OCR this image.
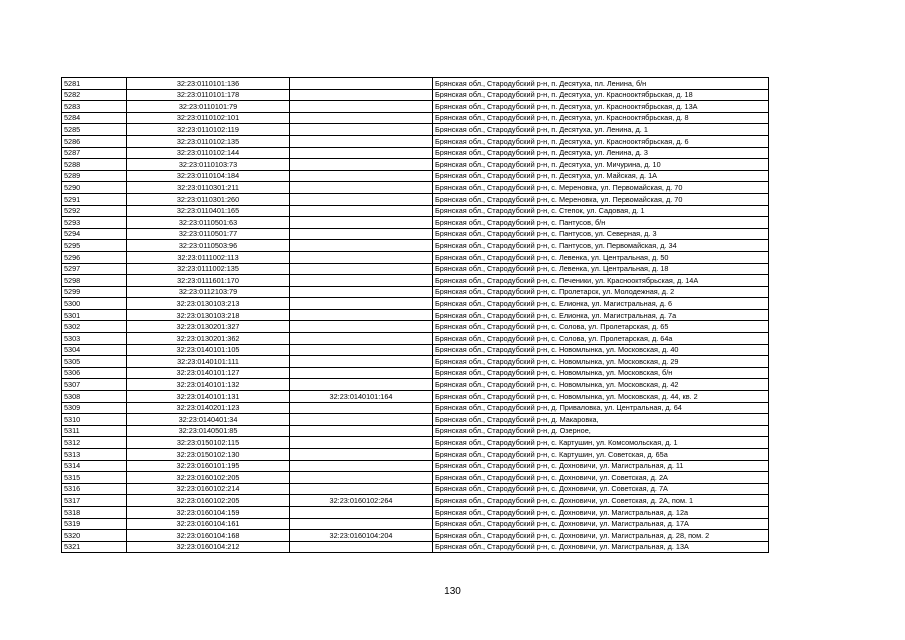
5281	32:23:0110101:136		Брянская обл., Стародубский р-н, п. Десятуха, пл. Ленина, б/н
5282	32:23:0110101:178		Брянская обл., Стародубский р-н, п. Десятуха, ул. Краснооктябрьская, д. 18
5283	32:23:0110101:79		Брянская обл., Стародубский р-н, п. Десятуха, ул. Краснооктябрьская, д. 13А
5284	32:23:0110102:101		Брянская обл., Стародубский р-н, п. Десятуха, ул. Краснооктябрьская, д. 8
5285	32:23:0110102:119		Брянская обл., Стародубский р-н, п. Десятуха, ул. Ленина, д. 1
5286	32:23:0110102:135		Брянская обл., Стародубский р-н, п. Десятуха, ул. Краснооктябрьская, д. 6
5287	32:23:0110102:144		Брянская обл., Стародубский р-н, п. Десятуха, ул. Ленина, д. 3
5288	32:23:0110103:73		Брянская обл., Стародубский р-н, п. Десятуха, ул. Мичурина, д. 10
5289	32:23:0110104:184		Брянская обл., Стародубский р-н, п. Десятуха, ул. Майская, д. 1А
5290	32:23:0110301:211		Брянская обл., Стародубский р-н, с. Мереновка, ул. Первомайская, д. 70
5291	32:23:0110301:260		Брянская обл., Стародубский р-н, с. Мереновка, ул. Первомайская, д. 70
5292	32:23:0110401:165		Брянская обл., Стародубский р-н, с. Степок, ул. Садовая, д. 1
5293	32:23:0110501:63		Брянская обл., Стародубский р-н, с. Пантусов, б/н
5294	32:23:0110501:77		Брянская обл., Стародубский р-н, с. Пантусов, ул. Северная, д. 3
5295	32:23:0110503:96		Брянская обл., Стародубский р-н, с. Пантусов, ул. Первомайская, д. 34
5296	32:23:0111002:113		Брянская обл., Стародубский р-н, с. Левенка, ул. Центральная, д. 50
5297	32:23:0111002:135		Брянская обл., Стародубский р-н, с. Левенка, ул. Центральная, д. 18
5298	32:23:0111601:170		Брянская обл., Стародубский р-н, с. Печеники, ул. Краснооктябрьская, д. 14А
5299	32:23:0112103:79		Брянская обл., Стародубский р-н, с. Пролетарск, ул. Молодежная, д. 2
5300	32:23:0130103:213		Брянская обл., Стародубский р-н, с. Елионка, ул. Магистральная, д. 6
5301	32:23:0130103:218		Брянская обл., Стародубский р-н, с. Елионка, ул. Магистральная, д. 7а
5302	32:23:0130201:327		Брянская обл., Стародубский р-н, с. Солова, ул. Пролетарская, д. 65
5303	32:23:0130201:362		Брянская обл., Стародубский р-н, с. Солова, ул. Пролетарская, д. 64а
5304	32:23:0140101:105		Брянская обл., Стародубский р-н, с. Новомлынка, ул. Московская, д. 40
5305	32:23:0140101:111		Брянская обл., Стародубский р-н, с. Новомлынка, ул. Московская, д. 29
5306	32:23:0140101:127		Брянская обл., Стародубский р-н, с. Новомлынка, ул. Московская, б/н
5307	32:23:0140101:132		Брянская обл., Стародубский р-н, с. Новомлынка, ул. Московская, д. 42
5308	32:23:0140101:131	32:23:0140101:164	Брянская обл., Стародубский р-н, с. Новомлынка, ул. Московская, д. 44, кв. 2
5309	32:23:0140201:123		Брянская обл., Стародубский р-н, д. Приваловка, ул. Центральная, д. 64
5310	32:23:0140401:34		Брянская обл., Стародубский р-н, д. Макаровка,
5311	32:23:0140501:85		Брянская обл., Стародубский р-н, д. Озерное,
5312	32:23:0150102:115		Брянская обл., Стародубский р-н, с. Картушин, ул. Комсомольская, д. 1
5313	32:23:0150102:130		Брянская обл., Стародубский р-н, с. Картушин, ул. Советская, д. 65а
5314	32:23:0160101:195		Брянская обл., Стародубский р-н, с. Дохновичи, ул. Магистральная, д. 11
5315	32:23:0160102:205		Брянская обл., Стародубский р-н, с. Дохновичи, ул. Советская, д. 2А
5316	32:23:0160102:214		Брянская обл., Стародубский р-н, с. Дохновичи, ул. Советская, д. 7А
5317	32:23:0160102:205	32:23:0160102:264	Брянская обл., Стародубский р-н, с. Дохновичи, ул. Советская, д. 2А, пом. 1
5318	32:23:0160104:159		Брянская обл., Стародубский р-н, с. Дохновичи, ул. Магистральная, д. 12а
5319	32:23:0160104:161		Брянская обл., Стародубский р-н, с. Дохновичи, ул. Магистральная, д. 17А
5320	32:23:0160104:168	32:23:0160104:204	Брянская обл., Стародубский р-н, с. Дохновичи, ул. Магистральная, д. 28, пом. 2
5321	32:23:0160104:212		Брянская обл., Стародубский р-н, с. Дохновичи, ул. Магистральная, д. 13А
130
